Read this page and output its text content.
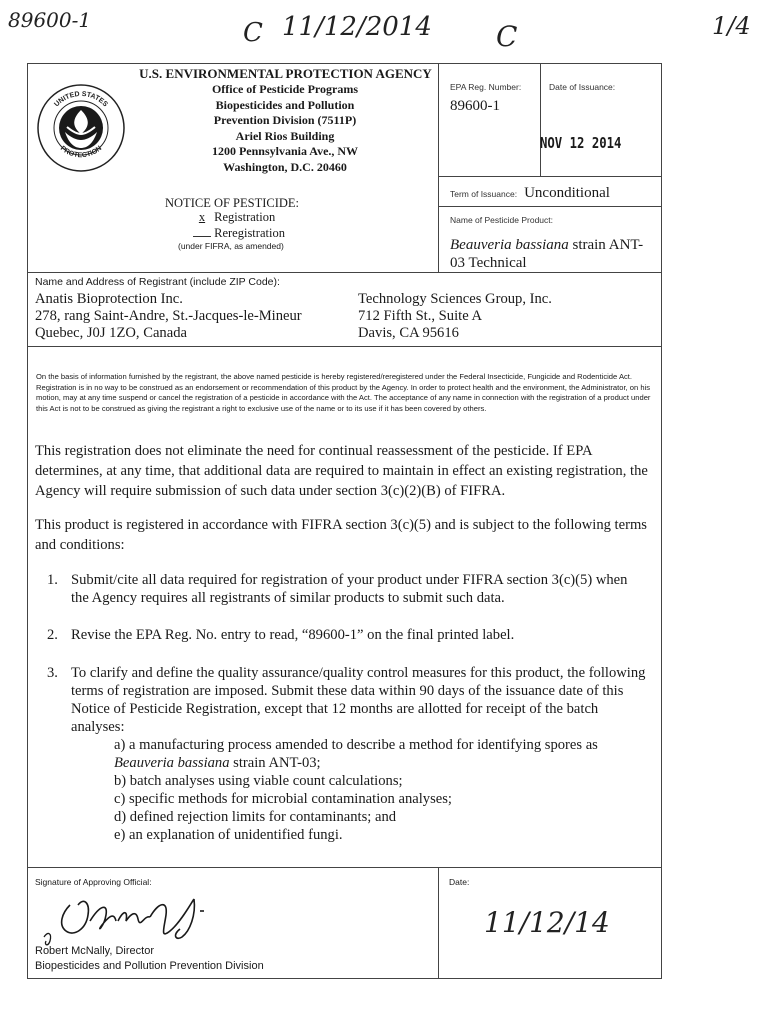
89600-1	C 11/12/2014 C	1/4
UNITED STATES
PROTECTION
U.S. ENVIRONMENTAL PROTECTION AGENCY
Office of Pesticide Programs
Biopesticides and Pollution
Prevention Division (7511P)
Ariel Rios Building
1200 Pennsylvania Ave., NW
Washington, D.C. 20460
EPA Reg. Number:
89600-1
Date of Issuance:
NOV 12 2014
Term of Issuance: Unconditional
Name of Pesticide Product:
Beauveria bassiana strain ANT-
03 Technical
NOTICE OF PESTICIDE:
x Registration
Reregistration
(under FIFRA, as amended)
Name and Address of Registrant (include ZIP Code):
Anatis Bioprotection Inc.
278, rang Saint-Andre, St.-Jacques-le-Mineur
Quebec, J0J 1ZO, Canada
Technology Sciences Group, Inc.
712 Fifth St., Suite A
Davis, CA 95616
On the basis of information furnished by the registrant, the above named pesticide is hereby registered/reregistered under the Federal Insecticide, Fungicide and Rodenticide Act. Registration is in no way to be construed as an endorsement or recommendation of this product by the Agency. In order to protect health and the environment, the Administrator, on his motion, may at any time suspend or cancel the registration of a pesticide in accordance with the Act. The acceptance of any name in connection with the registration of a product under this Act is not to be construed as giving the registrant a right to exclusive use of the name or to its use if it has been covered by others.
This registration does not eliminate the need for continual reassessment of the pesticide. If EPA determines, at any time, that additional data are required to maintain in effect an existing registration, the Agency will require submission of such data under section 3(c)(2)(B) of FIFRA.
This product is registered in accordance with FIFRA section 3(c)(5) and is subject to the following terms and conditions:
1. Submit/cite all data required for registration of your product under FIFRA section 3(c)(5) when the Agency requires all registrants of similar products to submit such data.
2. Revise the EPA Reg. No. entry to read, “89600-1” on the final printed label.
3. To clarify and define the quality assurance/quality control measures for this product, the following terms of registration are imposed. Submit these data within 90 days of the issuance date of this Notice of Pesticide Registration, except that 12 months are allotted for receipt of the batch analyses:
a) a manufacturing process amended to describe a method for identifying spores as
Beauveria bassiana strain ANT-03;
b) batch analyses using viable count calculations;
c) specific methods for microbial contamination analyses;
d) defined rejection limits for contaminants; and
e) an explanation of unidentified fungi.
Signature of Approving Official:
Robert McNally, Director
Biopesticides and Pollution Prevention Division
Date:
11/12/14
